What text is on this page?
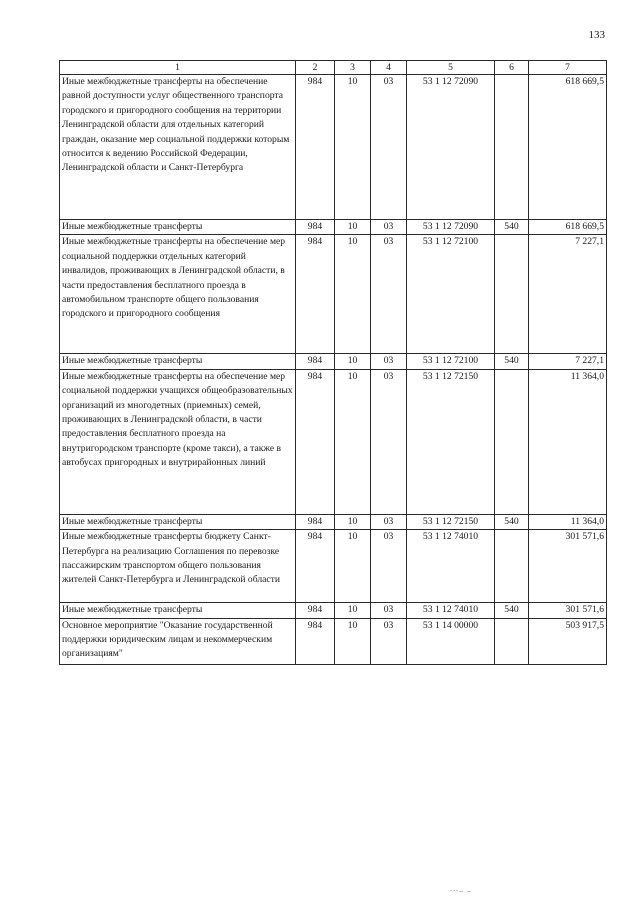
133
1	2	3	4	5	6	7
Иные межбюджетные трансферты на обеспечение равной доступности услуг общественного транспорта городского и пригородного сообщения на территории Ленинградской области для отдельных категорий граждан, оказание мер социальной поддержки которым относится к ведению Российской Федерации, Ленинградской области и Санкт-Петербурга	984	10	03	53 1 12 72090		618 669,5
Иные межбюджетные трансферты	984	10	03	53 1 12 72090	540	618 669,5
Иные межбюджетные трансферты на обеспечение мер социальной поддержки отдельных категорий инвалидов, проживающих в Ленинградской области, в части предоставления бесплатного проезда в автомобильном транспорте общего пользования городского и пригородного сообщения	984	10	03	53 1 12 72100		7 227,1
Иные межбюджетные трансферты	984	10	03	53 1 12 72100	540	7 227,1
Иные межбюджетные трансферты на обеспечение мер социальной поддержки учащихся общеобразовательных организаций из многодетных (приемных) семей, проживающих в Ленинградской области, в части предоставления бесплатного проезда на внутригородском транспорте (кроме такси), а также в автобусах пригородных и внутрирайонных линий	984	10	03	53 1 12 72150		11 364,0
Иные межбюджетные трансферты	984	10	03	53 1 12 72150	540	11 364,0
Иные межбюджетные трансферты бюджету Санкт-Петербурга на реализацию Соглашения по перевозке пассажирским транспортом общего пользования жителей Санкт-Петербурга и Ленинградской области	984	10	03	53 1 12 74010		301 571,6
Иные межбюджетные трансферты	984	10	03	53 1 12 74010	540	301 571,6
Основное мероприятие "Оказание государственной поддержки юридическим лицам и некоммерческим организациям"	984	10	03	53 1 14 00000		503 917,5
..._ _
